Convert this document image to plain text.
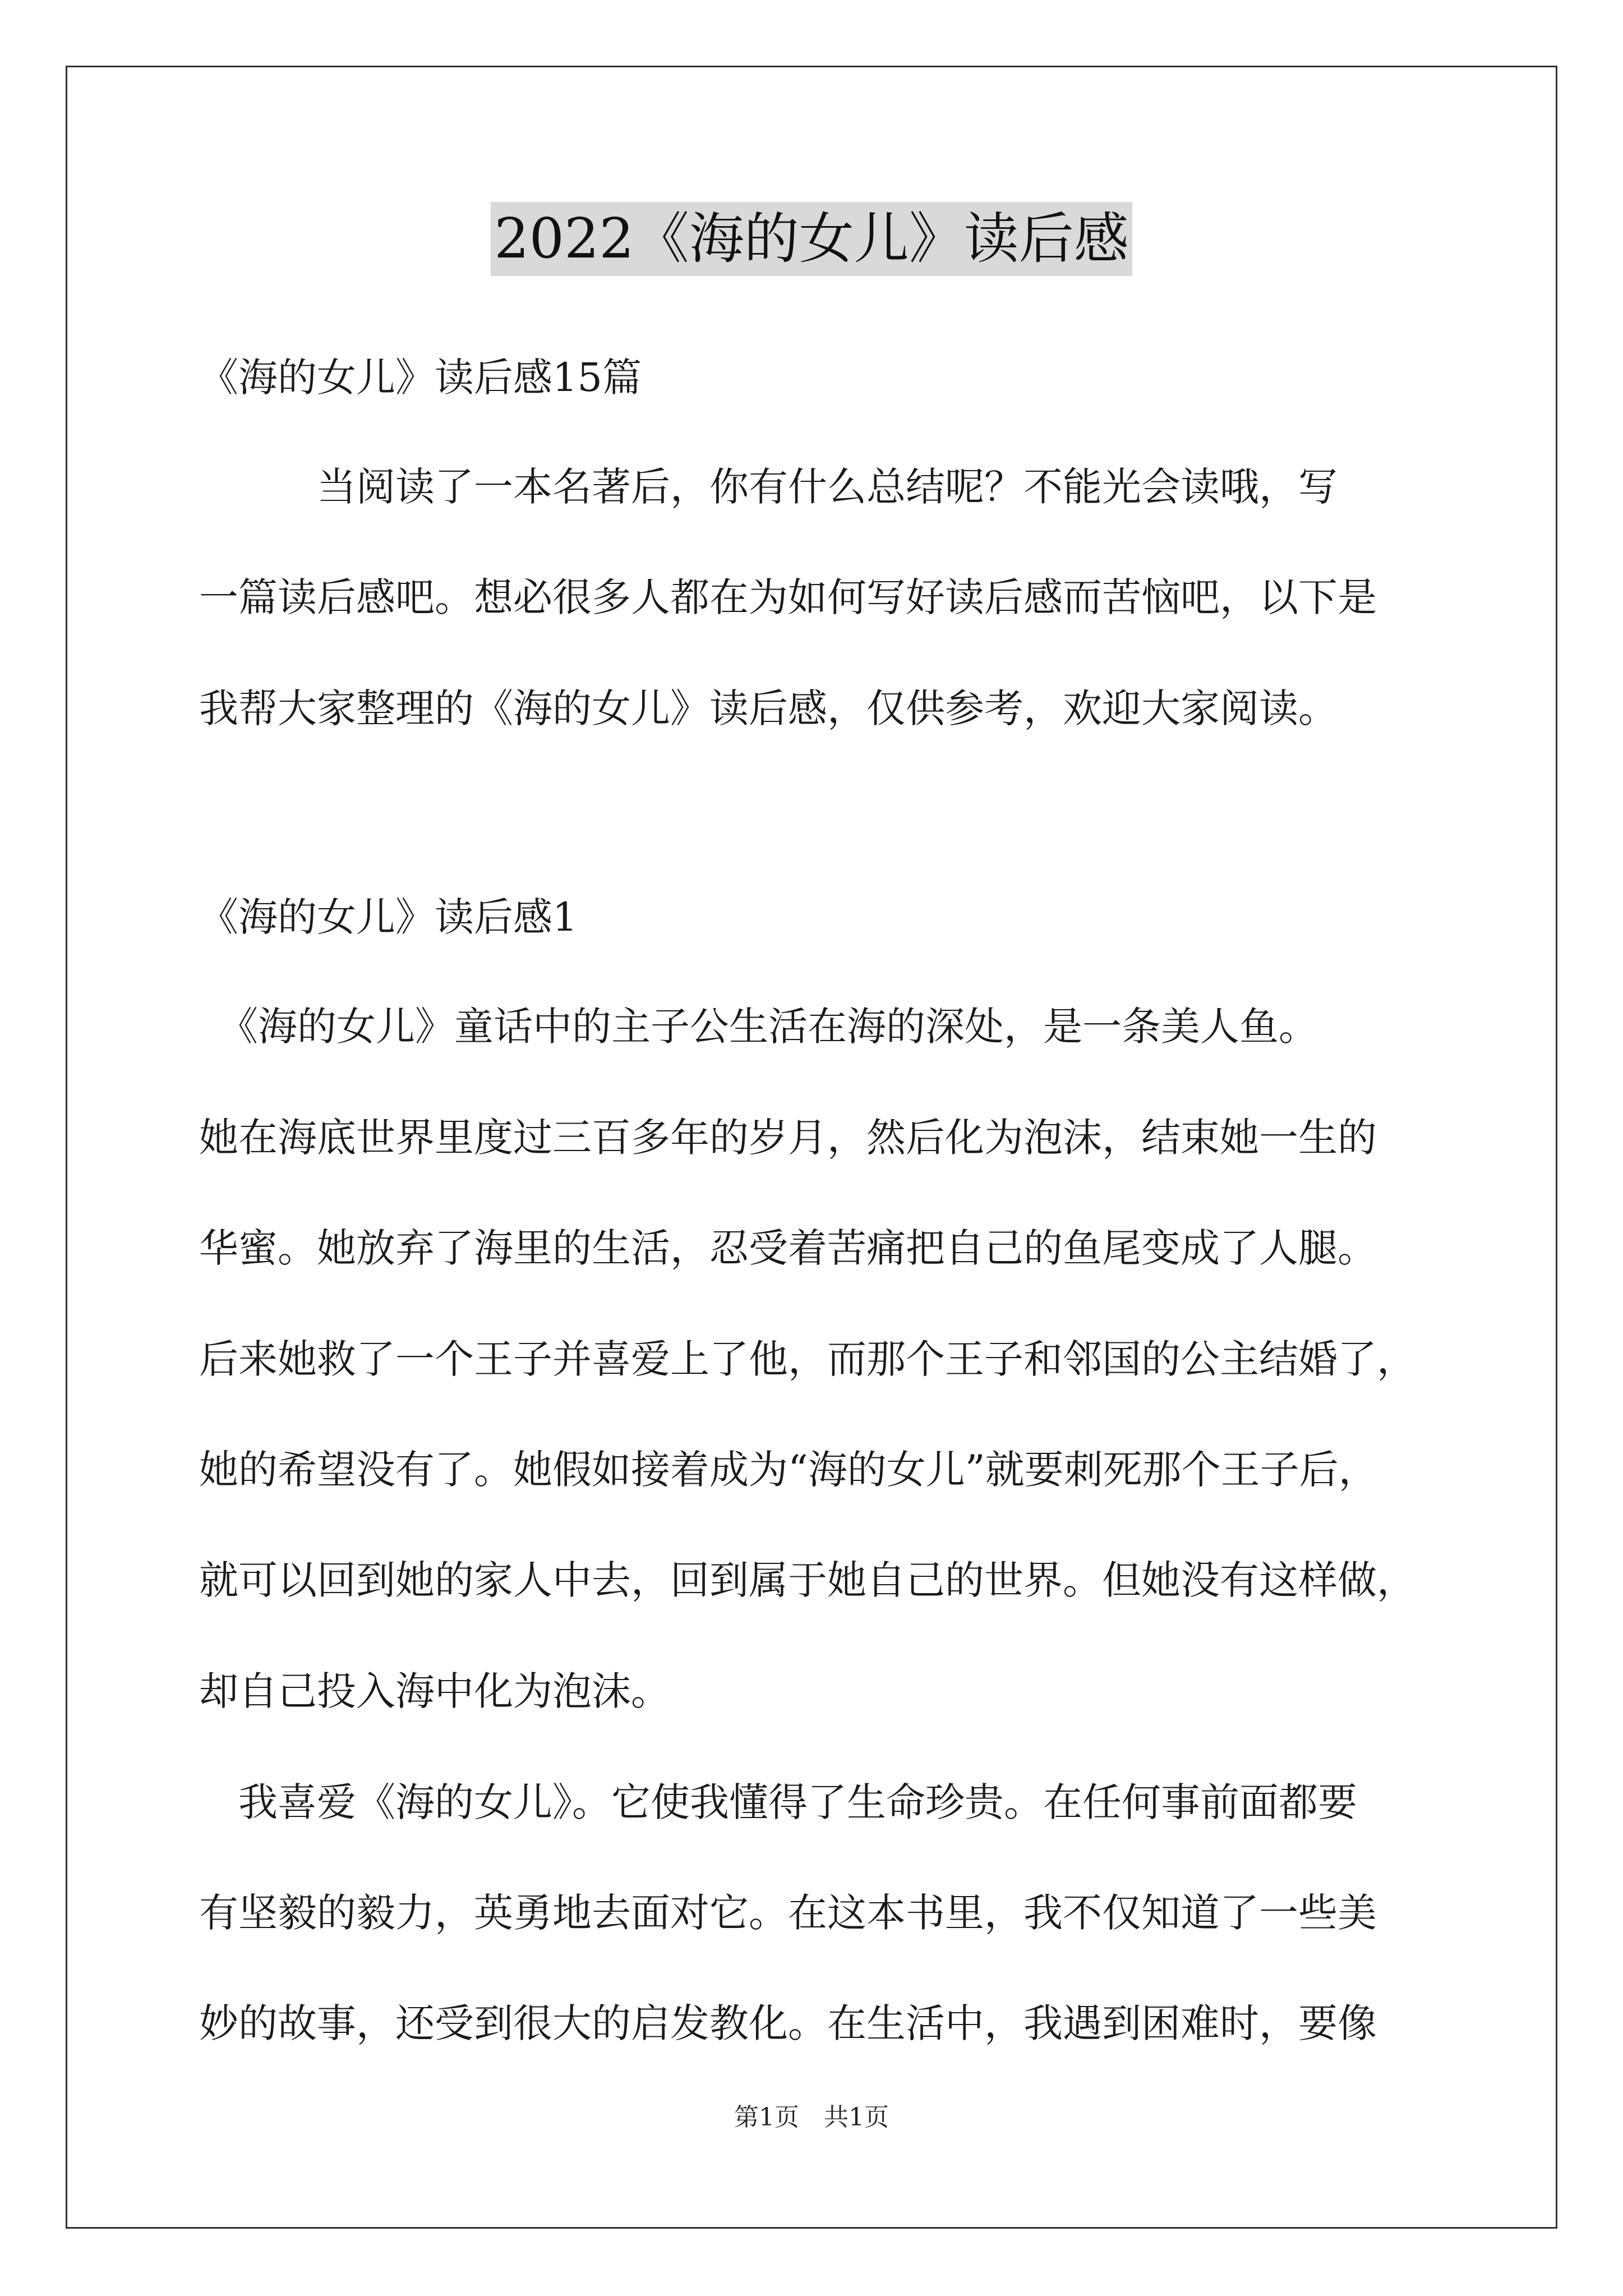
2022《海的女儿》读后感
《海的女儿》读后感15篇
　　　当阅读了一本名著后，你有什么总结呢？不能光会读哦，写
一篇读后感吧。想必很多人都在为如何写好读后感而苦恼吧，以下是
我帮大家整理的《海的女儿》读后感，仅供参考，欢迎大家阅读。
《海的女儿》读后感1
　《海的女儿》童话中的主子公生活在海的深处，是一条美人鱼。
她在海底世界里度过三百多年的岁月，然后化为泡沫，结束她一生的
华蜜。她放弃了海里的生活，忍受着苦痛把自己的鱼尾变成了人腿。
后来她救了一个王子并喜爱上了他，而那个王子和邻国的公主结婚了，
她的希望没有了。她假如接着成为“海的女儿”就要刺死那个王子后，
就可以回到她的家人中去，回到属于她自己的世界。但她没有这样做，
却自己投入海中化为泡沫。
　我喜爱《海的女儿》。它使我懂得了生命珍贵。在任何事前面都要
有坚毅的毅力，英勇地去面对它。在这本书里，我不仅知道了一些美
妙的故事，还受到很大的启发教化。在生活中，我遇到困难时，要像
第1页　共1页
